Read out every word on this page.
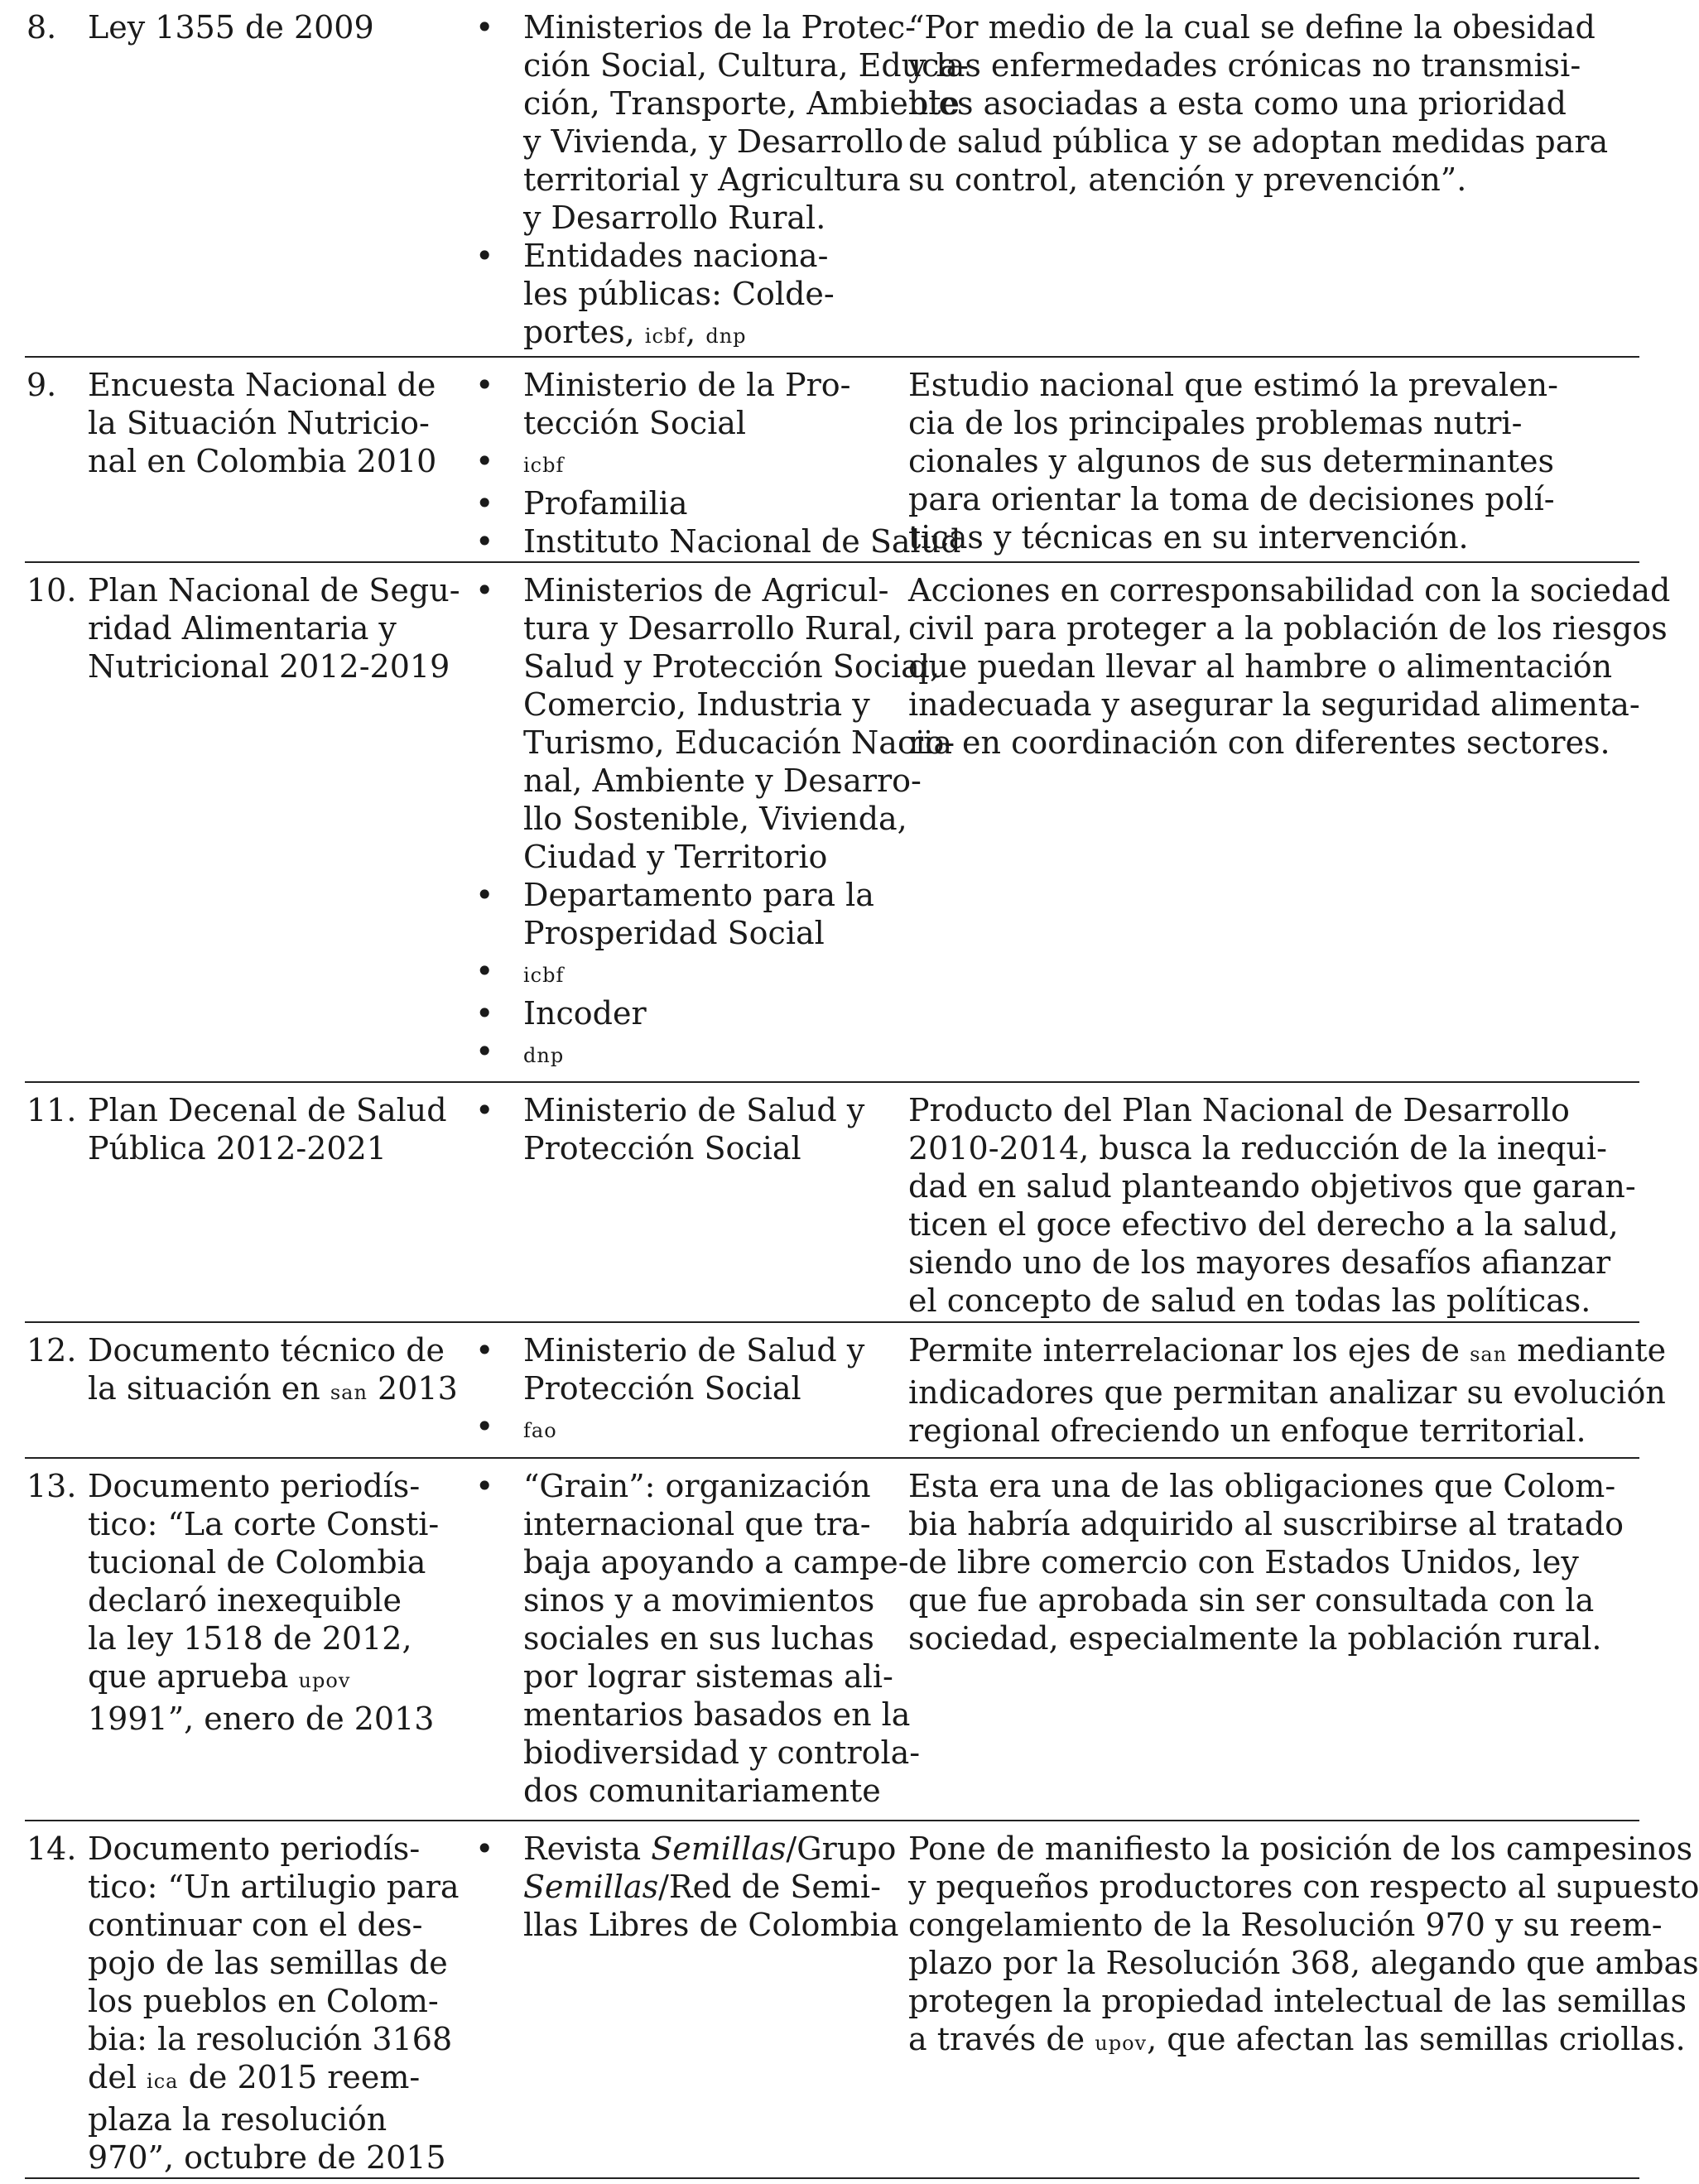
8. Ley 1355 de 2009	• Ministerios de la Protec-
ción Social, Cultura, Educa-
ción, Transporte, Ambiente
y Vivienda, y Desarrollo
territorial y Agricultura
y Desarrollo Rural.
• Entidades naciona-
les públicas: Colde-
portes, icbf, dnp
“Por medio de la cual se define la obesidad
y las enfermedades crónicas no transmisi-
bles asociadas a esta como una prioridad
de salud pública y se adoptan medidas para
su control, atención y prevención”.
9. Encuesta Nacional de
la Situación Nutricio-
nal en Colombia 2010
• Ministerio de la Pro-
tección Social
• icbf
• Profamilia
• Instituto Nacional de Salud
Estudio nacional que estimó la prevalen-
cia de los principales problemas nutri-
cionales y algunos de sus determinantes
para orientar la toma de decisiones polí-
ticas y técnicas en su intervención.
10. Plan Nacional de Segu-
ridad Alimentaria y
Nutricional 2012-2019
• Ministerios de Agricul-
tura y Desarrollo Rural,
Salud y Protección Social,
Comercio, Industria y
Turismo, Educación Nacio-
nal, Ambiente y Desarro-
llo Sostenible, Vivienda,
Ciudad y Territorio
• Departamento para la
Prosperidad Social
• icbf
• Incoder
• dnp
Acciones en corresponsabilidad con la sociedad
civil para proteger a la población de los riesgos
que puedan llevar al hambre o alimentación
inadecuada y asegurar la seguridad alimenta-
ria en coordinación con diferentes sectores.
11. Plan Decenal de Salud
Pública 2012-2021
• Ministerio de Salud y
Protección Social
Producto del Plan Nacional de Desarrollo
2010-2014, busca la reducción de la inequi-
dad en salud planteando objetivos que garan-
ticen el goce efectivo del derecho a la salud,
siendo uno de los mayores desafíos afianzar
el concepto de salud en todas las políticas.
12. Documento técnico de
la situación en san 2013
• Ministerio de Salud y
Protección Social
• fao
Permite interrelacionar los ejes de san mediante
indicadores que permitan analizar su evolución
regional ofreciendo un enfoque territorial.
13. Documento periodís-
tico: “La corte Consti-
tucional de Colombia
declaró inexequible
la ley 1518 de 2012,
que aprueba upov
1991”, enero de 2013
• “Grain”: organización
internacional que tra-
baja apoyando a campe-
sinos y a movimientos
sociales en sus luchas
por lograr sistemas ali-
mentarios basados en la
biodiversidad y controla-
dos comunitariamente
Esta era una de las obligaciones que Colom-
bia habría adquirido al suscribirse al tratado
de libre comercio con Estados Unidos, ley
que fue aprobada sin ser consultada con la
sociedad, especialmente la población rural.
14. Documento periodís-
tico: “Un artilugio para
continuar con el des-
pojo de las semillas de
los pueblos en Colom-
bia: la resolución 3168
del ica de 2015 reem-
plaza la resolución
970”, octubre de 2015
• Revista Semillas/Grupo
Semillas/Red de Semi-
llas Libres de Colombia
Pone de manifiesto la posición de los campesinos
y pequeños productores con respecto al supuesto
congelamiento de la Resolución 970 y su reem-
plazo por la Resolución 368, alegando que ambas
protegen la propiedad intelectual de las semillas
a través de upov, que afectan las semillas criollas.
